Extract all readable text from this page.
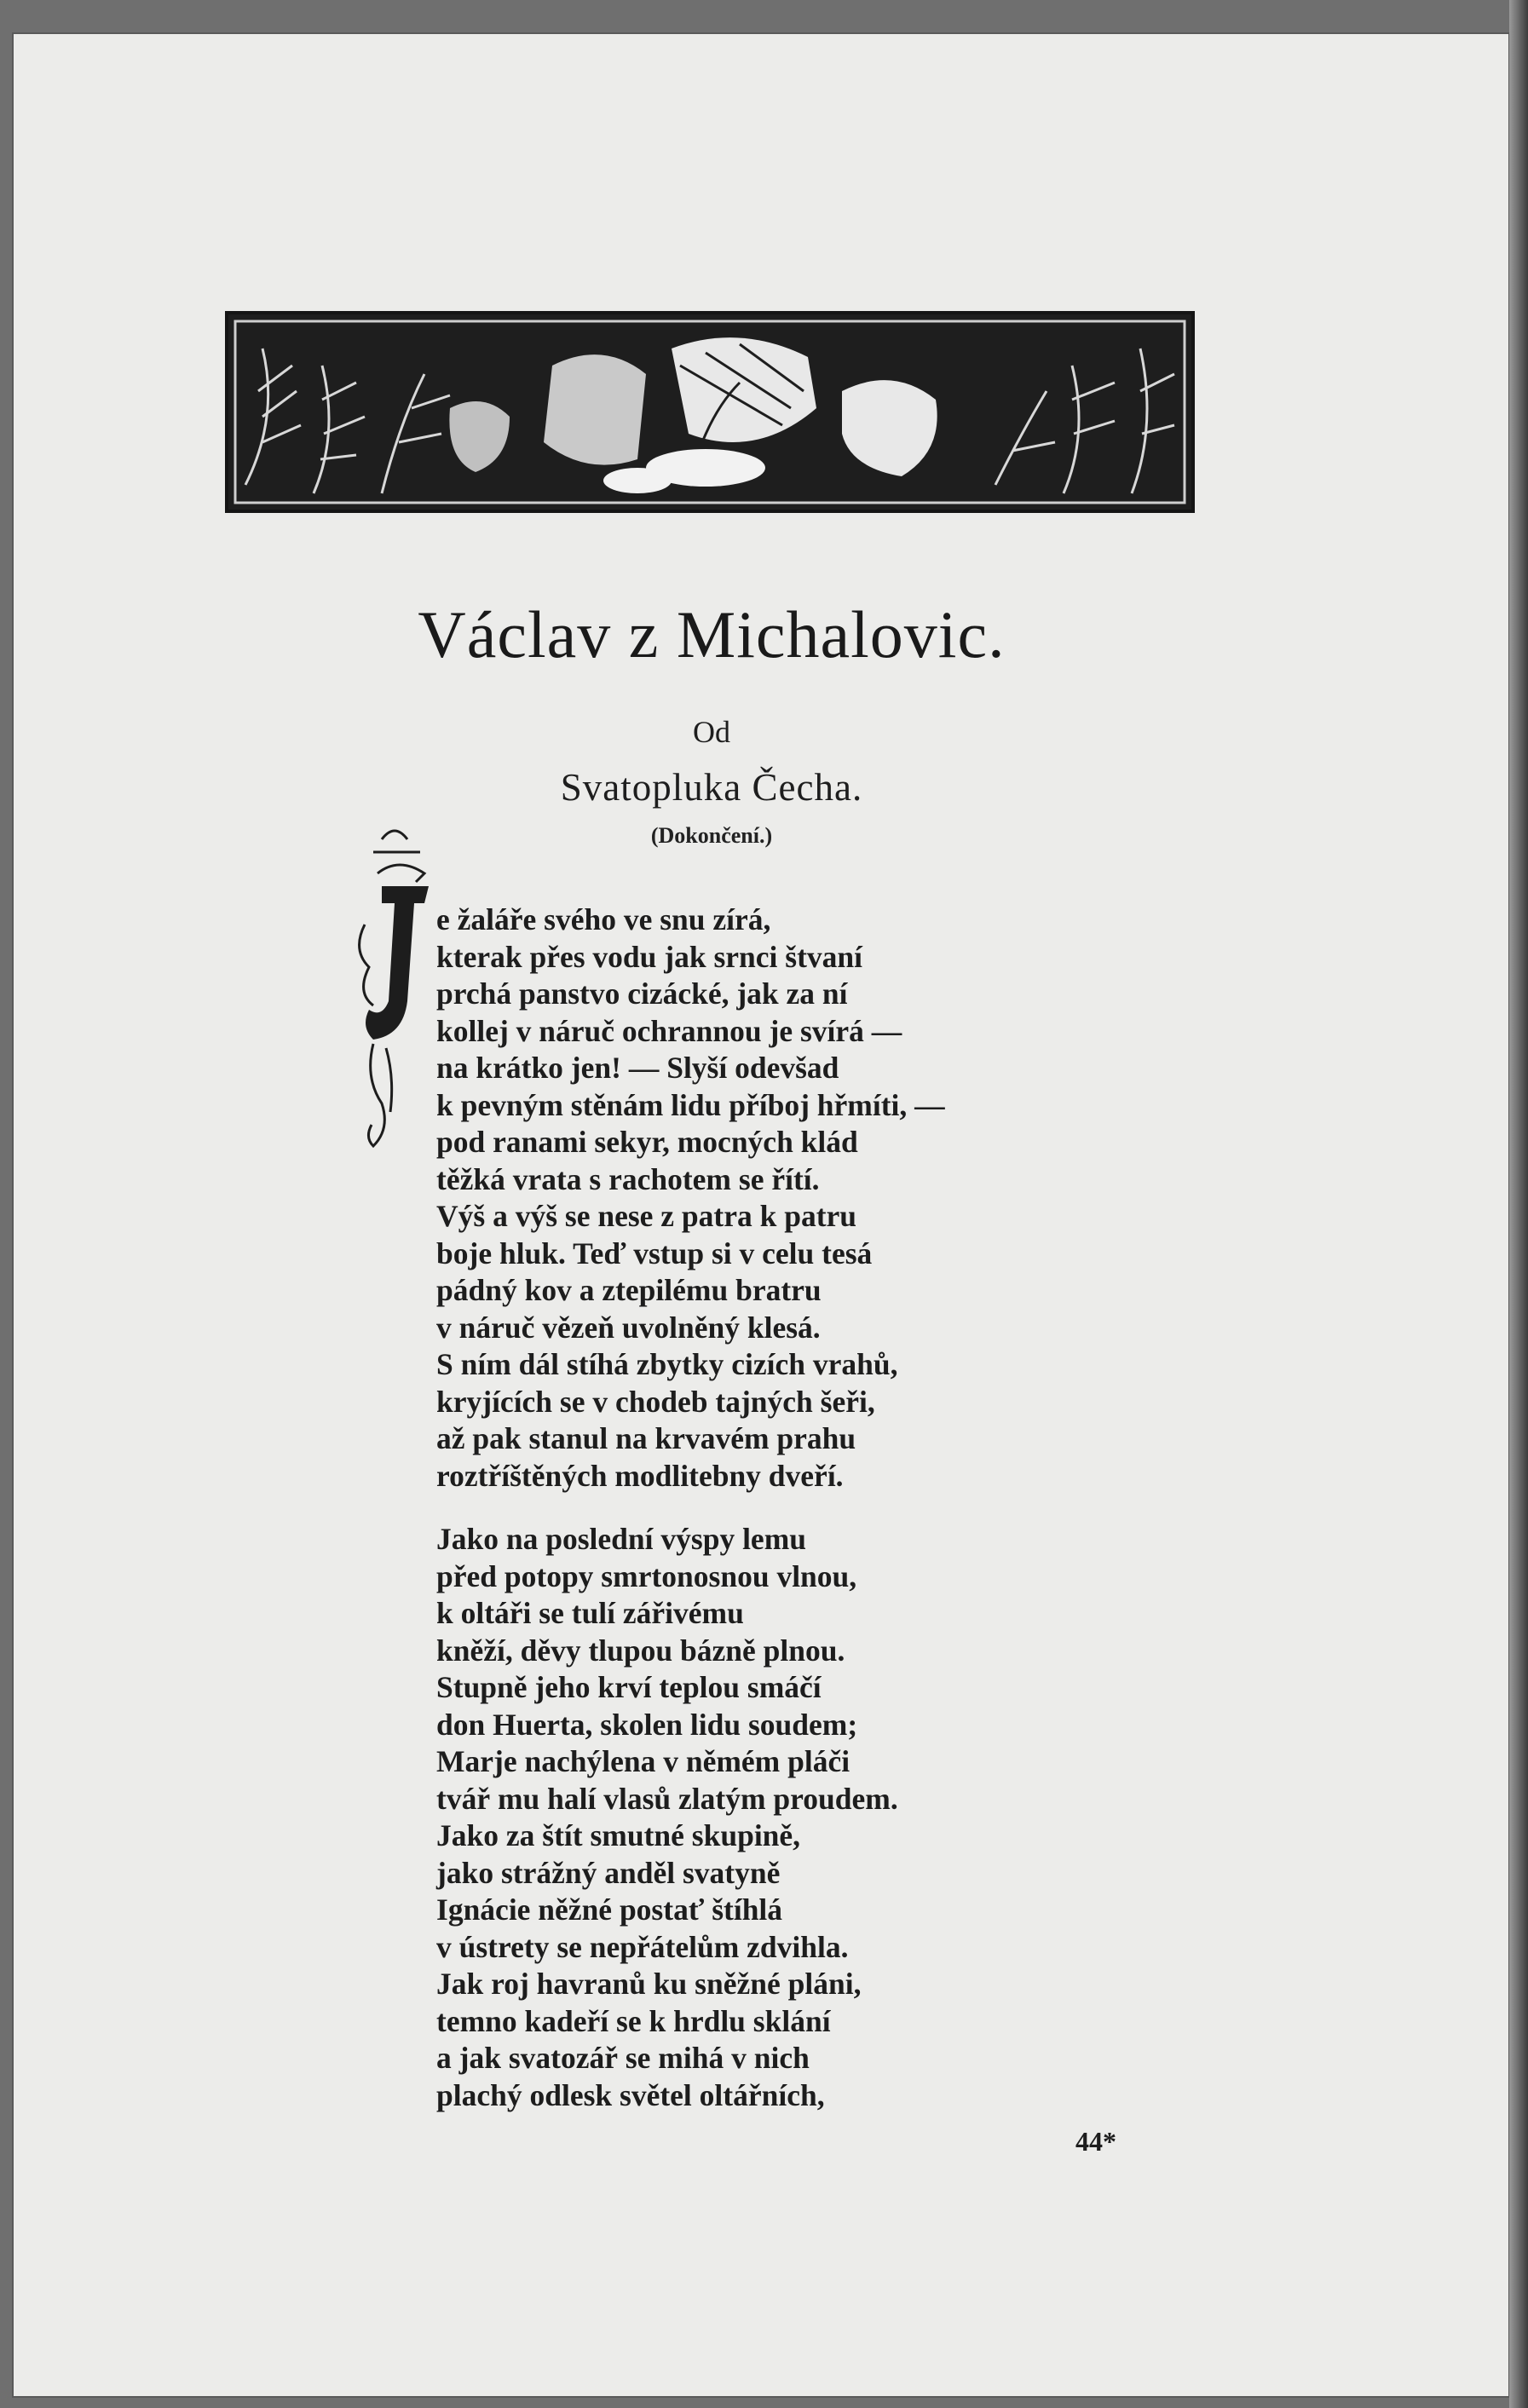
Václav z Michalovic.
Od
Svatopluka Čecha.
(Dokončení.)
e žaláře svého ve snu zírá,
kterak přes vodu jak srnci štvaní
prchá panstvo cizácké, jak za ní
kollej v náruč ochrannou je svírá —
na krátko jen! — Slyší odevšad
k pevným stěnám lidu příboj hřmíti, —
pod ranami sekyr, mocných klád
těžká vrata s rachotem se řítí.
Výš a výš se nese z patra k patru
boje hluk. Teď vstup si v celu tesá
pádný kov a ztepilému bratru
v náruč vězeň uvolněný klesá.
S ním dál stíhá zbytky cizích vrahů,
kryjících se v chodeb tajných šeři,
až pak stanul na krvavém prahu
roztříštěných modlitebny dveří.
Jako na poslední výspy lemu
před potopy smrtonosnou vlnou,
k oltáři se tulí zářivému
kněží, děvy tlupou bázně plnou.
Stupně jeho krví teplou smáčí
don Huerta, skolen lidu soudem;
Marje nachýlena v němém pláči
tvář mu halí vlasů zlatým proudem.
Jako za štít smutné skupině,
jako strážný anděl svatyně
Ignácie něžné postať štíhlá
v ústrety se nepřátelům zdvihla.
Jak roj havranů ku sněžné pláni,
temno kadeří se k hrdlu sklání
a jak svatozář se mihá v nich
plachý odlesk světel oltářních,
44*
